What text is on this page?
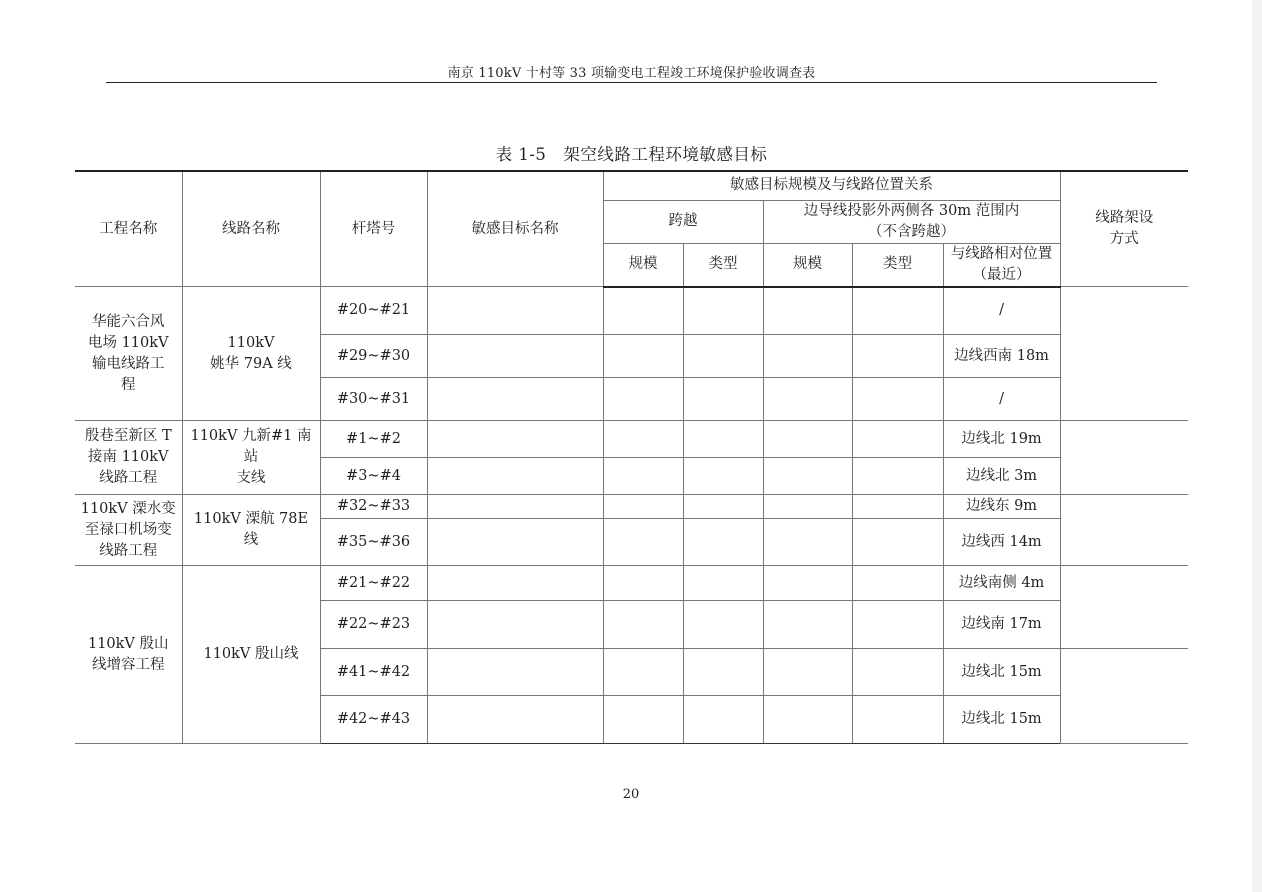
南京 110kV 十村等 33 项输变电工程竣工环境保护验收调查表
表 1-5　架空线路工程环境敏感目标
工程名称	线路名称	杆塔号	敏感目标名称	敏感目标规模及与线路位置关系					线路架设
方式
				跨越		边导线投影外两侧各 30m 范围内
（不含跨越）			
				规模	类型	规模	类型	与线路相对位置
（最近）	
华能六合风
电场 110kV
输电线路工
程	110kV
姚华 79A 线	#20~#21						/	
		#29~#30						边线西南 18m	
		#30~#31						/	
殷巷至新区 T
接南 110kV
线路工程	110kV 九新#1 南站
支线	#1~#2						边线北 19m	
		#3~#4						边线北 3m	
110kV 溧水变
至禄口机场变
线路工程	110kV 溧航 78E 线	#32~#33						边线东 9m	
		#35~#36						边线西 14m	
110kV 殷山
线增容工程	110kV 殷山线	#21~#22						边线南侧 4m	
		#22~#23						边线南 17m	
		#41~#42						边线北 15m	
		#42~#43						边线北 15m	
20
